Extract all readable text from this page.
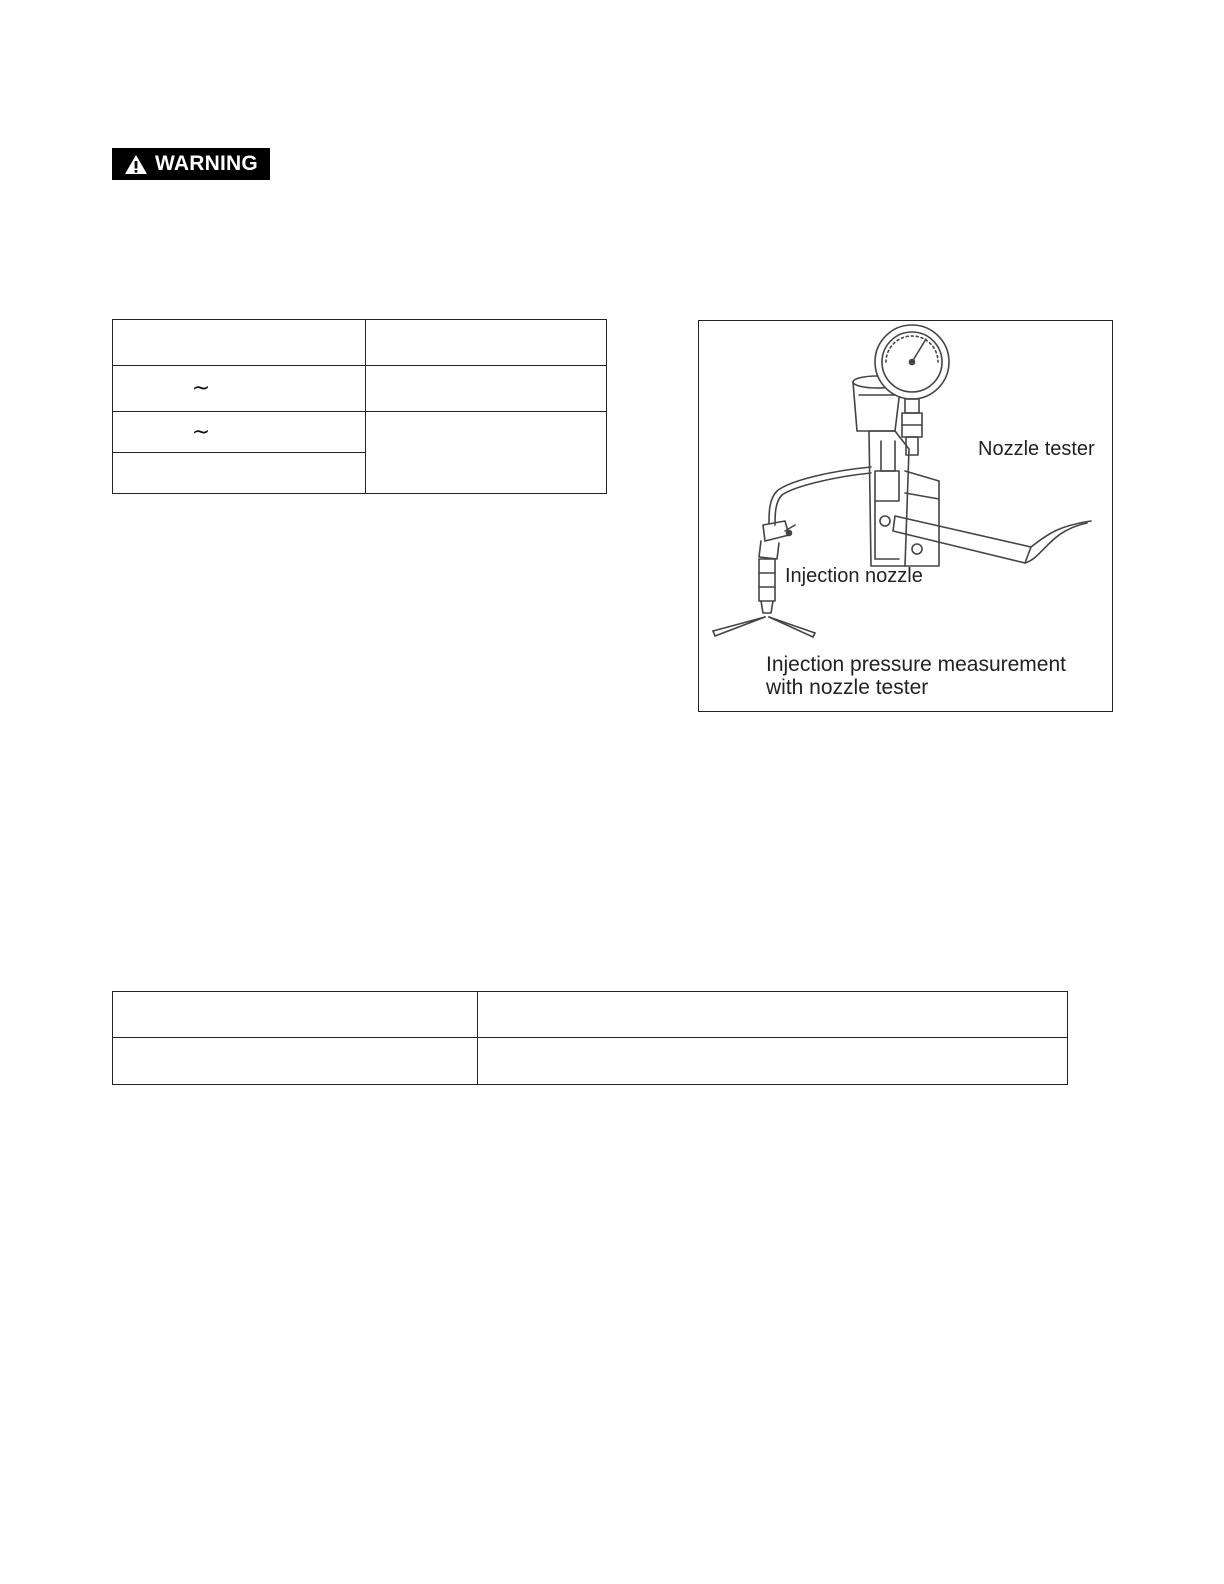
WARNING
~
~
Nozzle tester
Injection nozzle
Injection pressure measurement
with nozzle tester
